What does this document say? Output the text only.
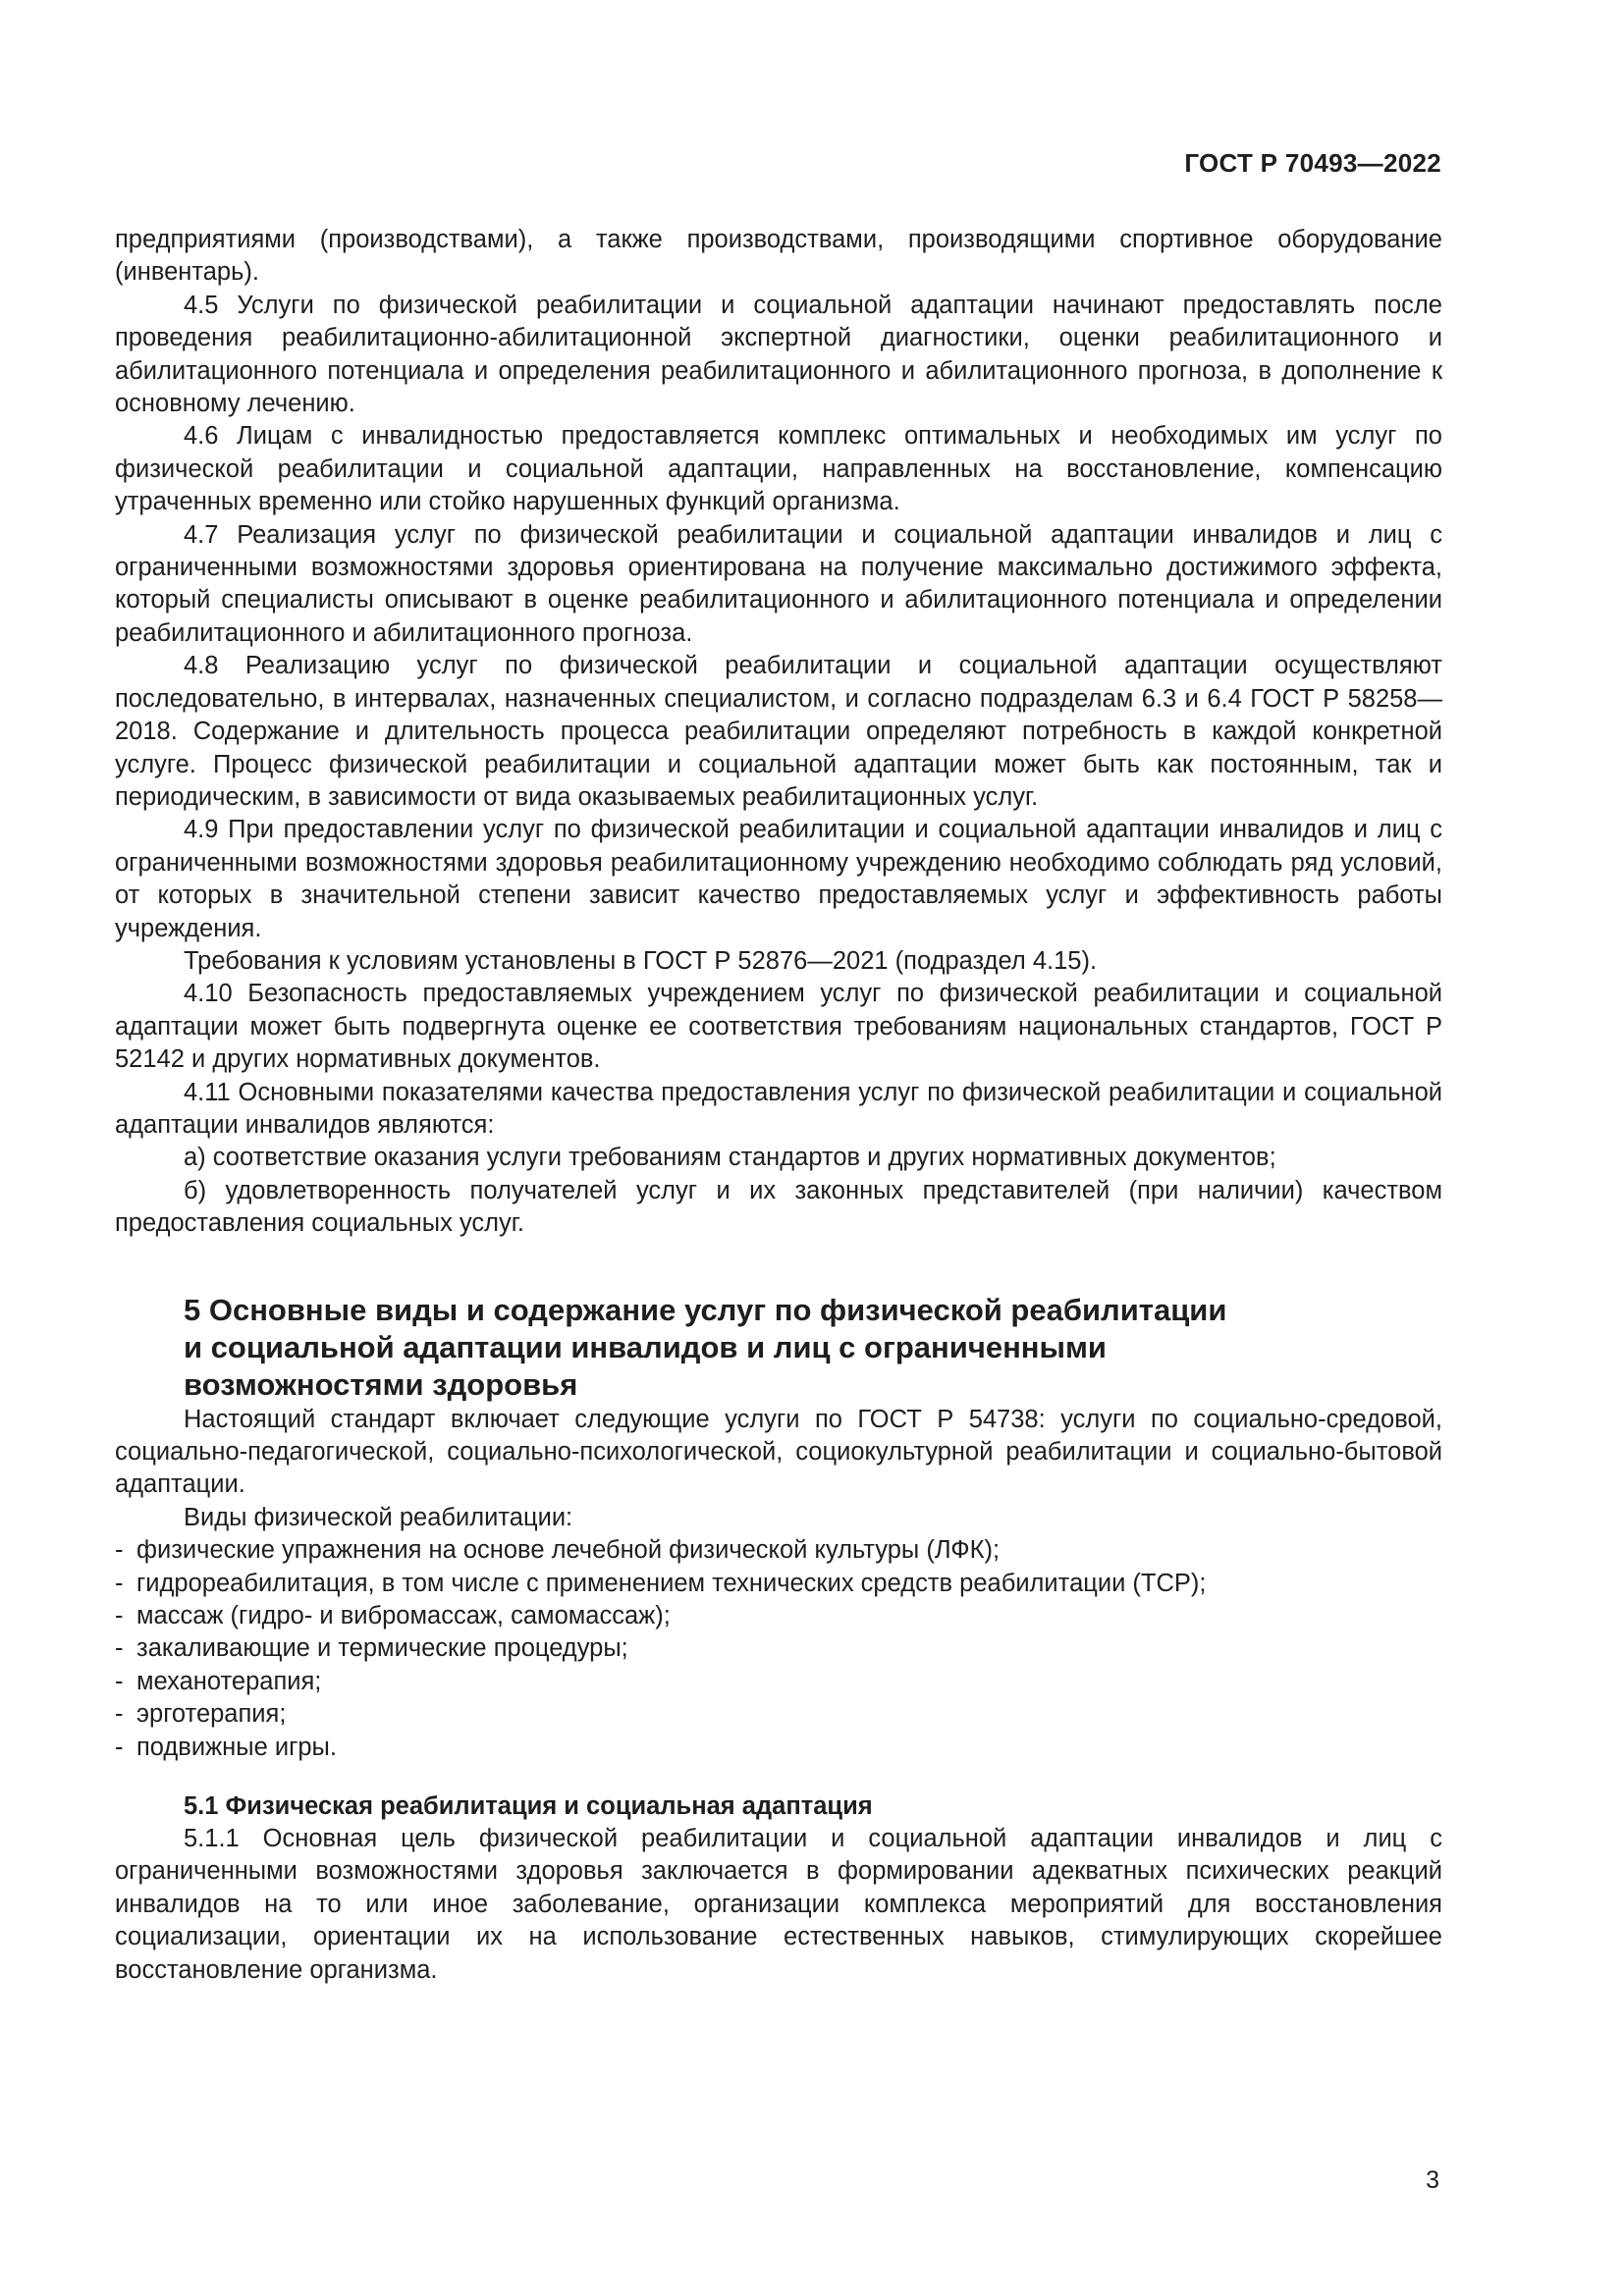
ГОСТ Р 70493—2022

предприятиями (производствами), а также производствами, производящими спортивное оборудование (инвентарь).

4.5 Услуги по физической реабилитации и социальной адаптации начинают предоставлять после проведения реабилитационно-абилитационной экспертной диагностики, оценки реабилитационного и абилитационного потенциала и определения реабилитационного и абилитационного прогноза, в дополнение к основному лечению.

4.6 Лицам с инвалидностью предоставляется комплекс оптимальных и необходимых им услуг по физической реабилитации и социальной адаптации, направленных на восстановление, компенсацию утраченных временно или стойко нарушенных функций организма.

4.7 Реализация услуг по физической реабилитации и социальной адаптации инвалидов и лиц с ограниченными возможностями здоровья ориентирована на получение максимально достижимого эффекта, который специалисты описывают в оценке реабилитационного и абилитационного потенциала и определении реабилитационного и абилитационного прогноза.

4.8 Реализацию услуг по физической реабилитации и социальной адаптации осуществляют последовательно, в интервалах, назначенных специалистом, и согласно подразделам 6.3 и 6.4 ГОСТ Р 58258—2018. Содержание и длительность процесса реабилитации определяют потребность в каждой конкретной услуге. Процесс физической реабилитации и социальной адаптации может быть как постоянным, так и периодическим, в зависимости от вида оказываемых реабилитационных услуг.

4.9 При предоставлении услуг по физической реабилитации и социальной адаптации инвалидов и лиц с ограниченными возможностями здоровья реабилитационному учреждению необходимо соблюдать ряд условий, от которых в значительной степени зависит качество предоставляемых услуг и эффективность работы учреждения.

Требования к условиям установлены в ГОСТ Р 52876—2021 (подраздел 4.15).

4.10 Безопасность предоставляемых учреждением услуг по физической реабилитации и социальной адаптации может быть подвергнута оценке ее соответствия требованиям национальных стандартов, ГОСТ Р 52142 и других нормативных документов.

4.11 Основными показателями качества предоставления услуг по физической реабилитации и социальной адаптации инвалидов являются:

а) соответствие оказания услуги требованиям стандартов и других нормативных документов;

б) удовлетворенность получателей услуг и их законных представителей (при наличии) качеством предоставления социальных услуг.

5 Основные виды и содержание услуг по физической реабилитации
и социальной адаптации инвалидов и лиц с ограниченными
возможностями здоровья

Настоящий стандарт включает следующие услуги по ГОСТ Р 54738: услуги по социально-средовой, социально-педагогической, социально-психологической, социокультурной реабилитации и социально-бытовой адаптации.

Виды физической реабилитации:

- физические упражнения на основе лечебной физической культуры (ЛФК);

- гидрореабилитация, в том числе с применением технических средств реабилитации (ТСР);

- массаж (гидро- и вибромассаж, самомассаж);

- закаливающие и термические процедуры;

- механотерапия;

- эрготерапия;

- подвижные игры.

5.1 Физическая реабилитация и социальная адаптация

5.1.1 Основная цель физической реабилитации и социальной адаптации инвалидов и лиц с ограниченными возможностями здоровья заключается в формировании адекватных психических реакций инвалидов на то или иное заболевание, организации комплекса мероприятий для восстановления социализации, ориентации их на использование естественных навыков, стимулирующих скорейшее восстановление организма.

3
